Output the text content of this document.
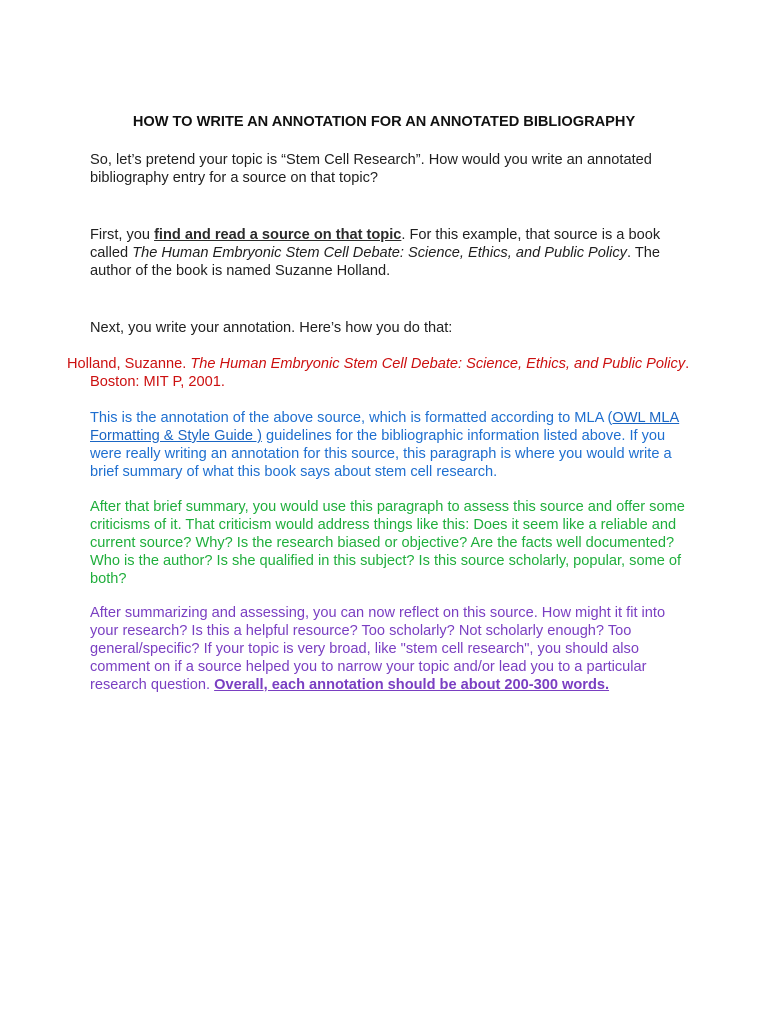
HOW TO WRITE AN ANNOTATION FOR AN ANNOTATED BIBLIOGRAPHY

So, let’s pretend your topic is “Stem Cell Research”. How would you write an annotated bibliography entry for a source on that topic?

First, you find and read a source on that topic. For this example, that source is a book called The Human Embryonic Stem Cell Debate: Science, Ethics, and Public Policy. The author of the book is named Suzanne Holland.

Next, you write your annotation. Here’s how you do that:

Holland, Suzanne. The Human Embryonic Stem Cell Debate: Science, Ethics, and Public Policy. Boston: MIT P, 2001.

This is the annotation of the above source, which is formatted according to MLA (OWL MLA Formatting & Style Guide ) guidelines for the bibliographic information listed above. If you were really writing an annotation for this source, this paragraph is where you would write a brief summary of what this book says about stem cell research.

After that brief summary, you would use this paragraph to assess this source and offer some criticisms of it. That criticism would address things like this: Does it seem like a reliable and current source? Why? Is the research biased or objective? Are the facts well documented? Who is the author? Is she qualified in this subject? Is this source scholarly, popular, some of both?

After summarizing and assessing, you can now reflect on this source. How might it fit into your research? Is this a helpful resource? Too scholarly? Not scholarly enough? Too general/specific? If your topic is very broad, like "stem cell research", you should also comment on if a source helped you to narrow your topic and/or lead you to a particular research question. Overall, each annotation should be about 200-300 words.
